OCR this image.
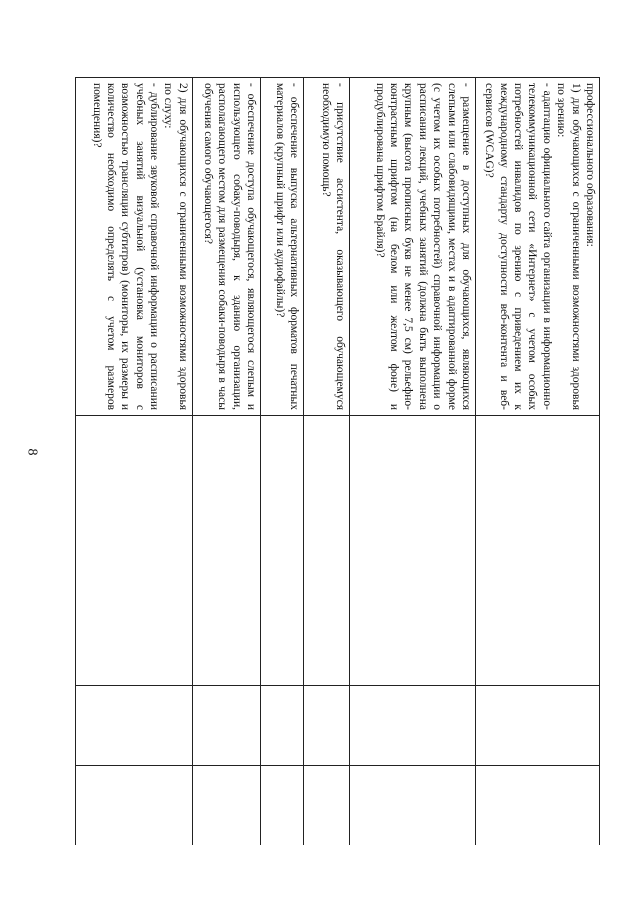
8
профессионального образования:
1) для обучающихся с ограниченными возможностями здоровья по зрению:
- адаптацию официального сайта организации в информационно-телекоммуникационной сети «Интернет» с учетом особых потребностей инвалидов по зрению с приведением их к международному стандарту доступности веб-контента и веб-сервисов (WCAG)?			

- размещение в доступных для обучающихся, являющихся слепыми или слабовидящими, местах и в адаптированной форме (с учетом их особых потребностей) справочной информации о расписании лекций, учебных занятий (должна быть выполнена крупным (высота прописных букв не менее 7,5 см) рельефно-контрастным шрифтом (на белом или желтом фоне) и продублирована шрифтом Брайля)?			

- присутствие ассистента, оказывающего обучающемуся необходимую помощь?			

- обеспечение выпуска альтернативных форматов печатных материалов (крупный шрифт или аудиофайлы)?			

- обеспечение доступа обучающегося, являющегося слепым и использующего собаку-поводыря, к зданию организации, располагающего местом для размещения собаки-поводыря в часы обучения самого обучающегося?			

2) для обучающихся с ограниченными возможностями здоровья по слуху:
- дублирование звуковой справочной информации о расписании учебных занятий визуальной (установка мониторов с возможностью трансляции субтитров) (мониторы, их размеры и количество необходимо определять с учетом размеров помещения)?			
